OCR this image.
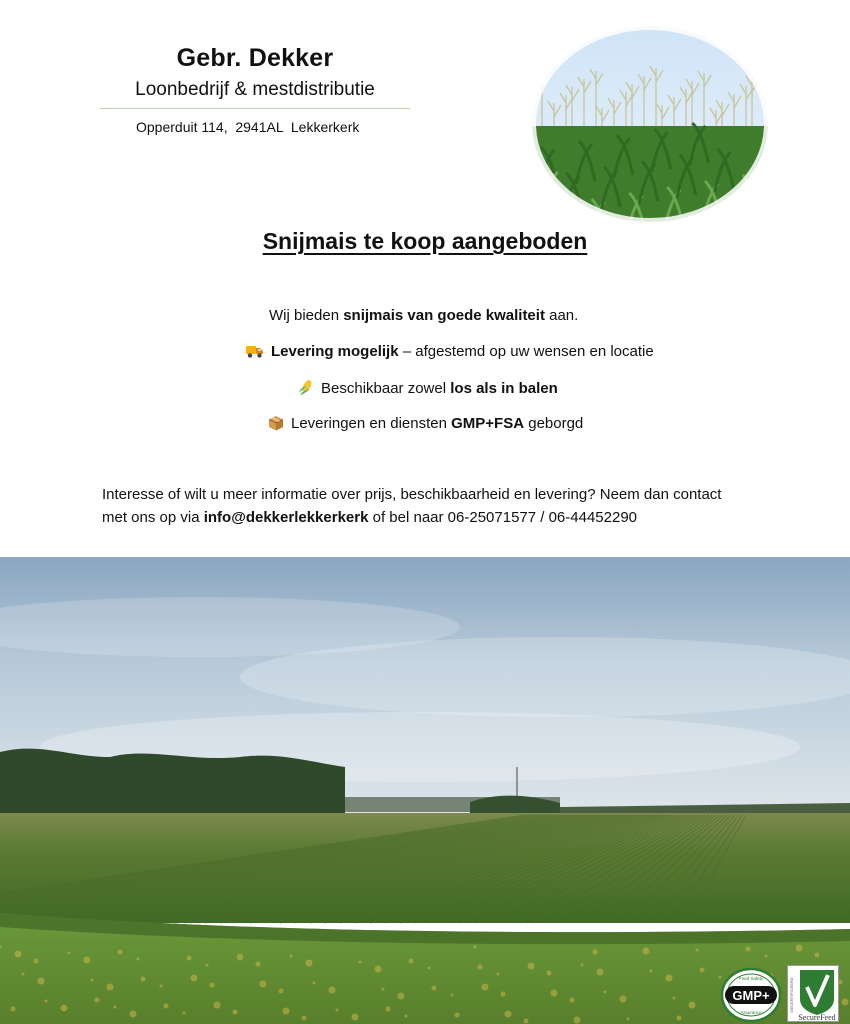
Gebr. Dekker
Loonbedrijf & mestdistributie
Opperduit 114,  2941AL  Lekkerkerk
Snijmais te koop aangeboden
Wij bieden snijmais van goede kwaliteit aan.
Levering mogelijk – afgestemd op uw wensen en locatie
Beschikbaar zowel los als in balen
Leveringen en diensten GMP+FSA geborgd
Interesse of wilt u meer informatie over prijs, beschikbaarheid en levering? Neem dan contact met ons op via info@dekkerlekkerkerk of bel naar 06-25071577 / 06-44452290
GMP+
Feed Safety
Assurance	GECERTIFICEERD
SecureFeed
